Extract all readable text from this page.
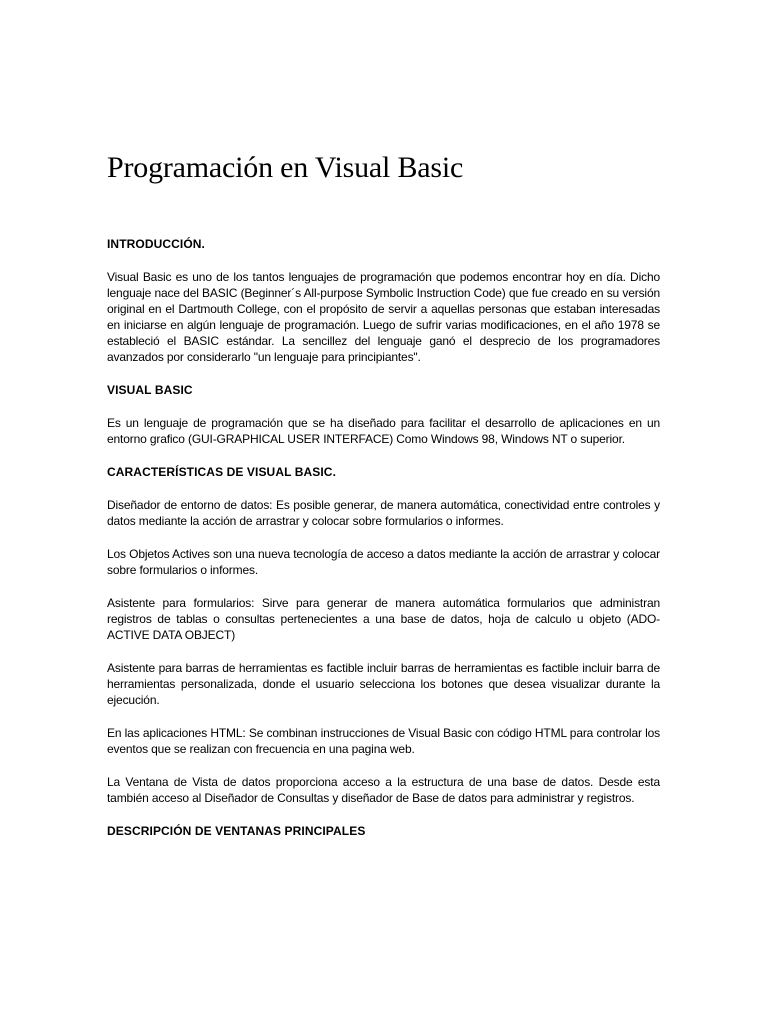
Programación en Visual Basic
INTRODUCCIÓN.

Visual Basic es uno de los tantos lenguajes de programación que podemos encontrar hoy en día. Dicho lenguaje nace del BASIC (Beginner´s All-purpose Symbolic Instruction Code) que fue creado en su versión original en el Dartmouth College, con el propósito de servir a aquellas personas que estaban interesadas en iniciarse en algún lenguaje de programación. Luego de sufrir varias modificaciones, en el año 1978 se estableció el BASIC estándar. La sencillez del lenguaje ganó el desprecio de los programadores avanzados por considerarlo "un lenguaje para principiantes".

VISUAL BASIC

Es un lenguaje de programación que se ha diseñado para facilitar el desarrollo de aplicaciones en un entorno grafico (GUI-GRAPHICAL USER INTERFACE) Como Windows 98, Windows NT o superior.

CARACTERÍSTICAS DE VISUAL BASIC.

Diseñador de entorno de datos: Es posible generar, de manera automática, conectividad entre controles y datos mediante la acción de arrastrar y colocar sobre formularios o informes.

Los Objetos Actives son una nueva tecnología de acceso a datos mediante la acción de arrastrar y colocar sobre formularios o informes.

Asistente para formularios: Sirve para generar de manera automática formularios que administran registros de tablas o consultas pertenecientes a una base de datos, hoja de calculo u objeto (ADO-ACTIVE DATA OBJECT)

Asistente para barras de herramientas es factible incluir barras de herramientas es factible incluir barra de herramientas personalizada, donde el usuario selecciona los botones que desea visualizar durante la ejecución.

En las aplicaciones HTML: Se combinan instrucciones de Visual Basic con código HTML para controlar los eventos que se realizan con frecuencia en una pagina web.

La Ventana de Vista de datos proporciona acceso a la estructura de una base de datos. Desde esta también acceso al Diseñador de Consultas y diseñador de Base de datos para administrar y registros.

DESCRIPCIÓN DE VENTANAS PRINCIPALES
